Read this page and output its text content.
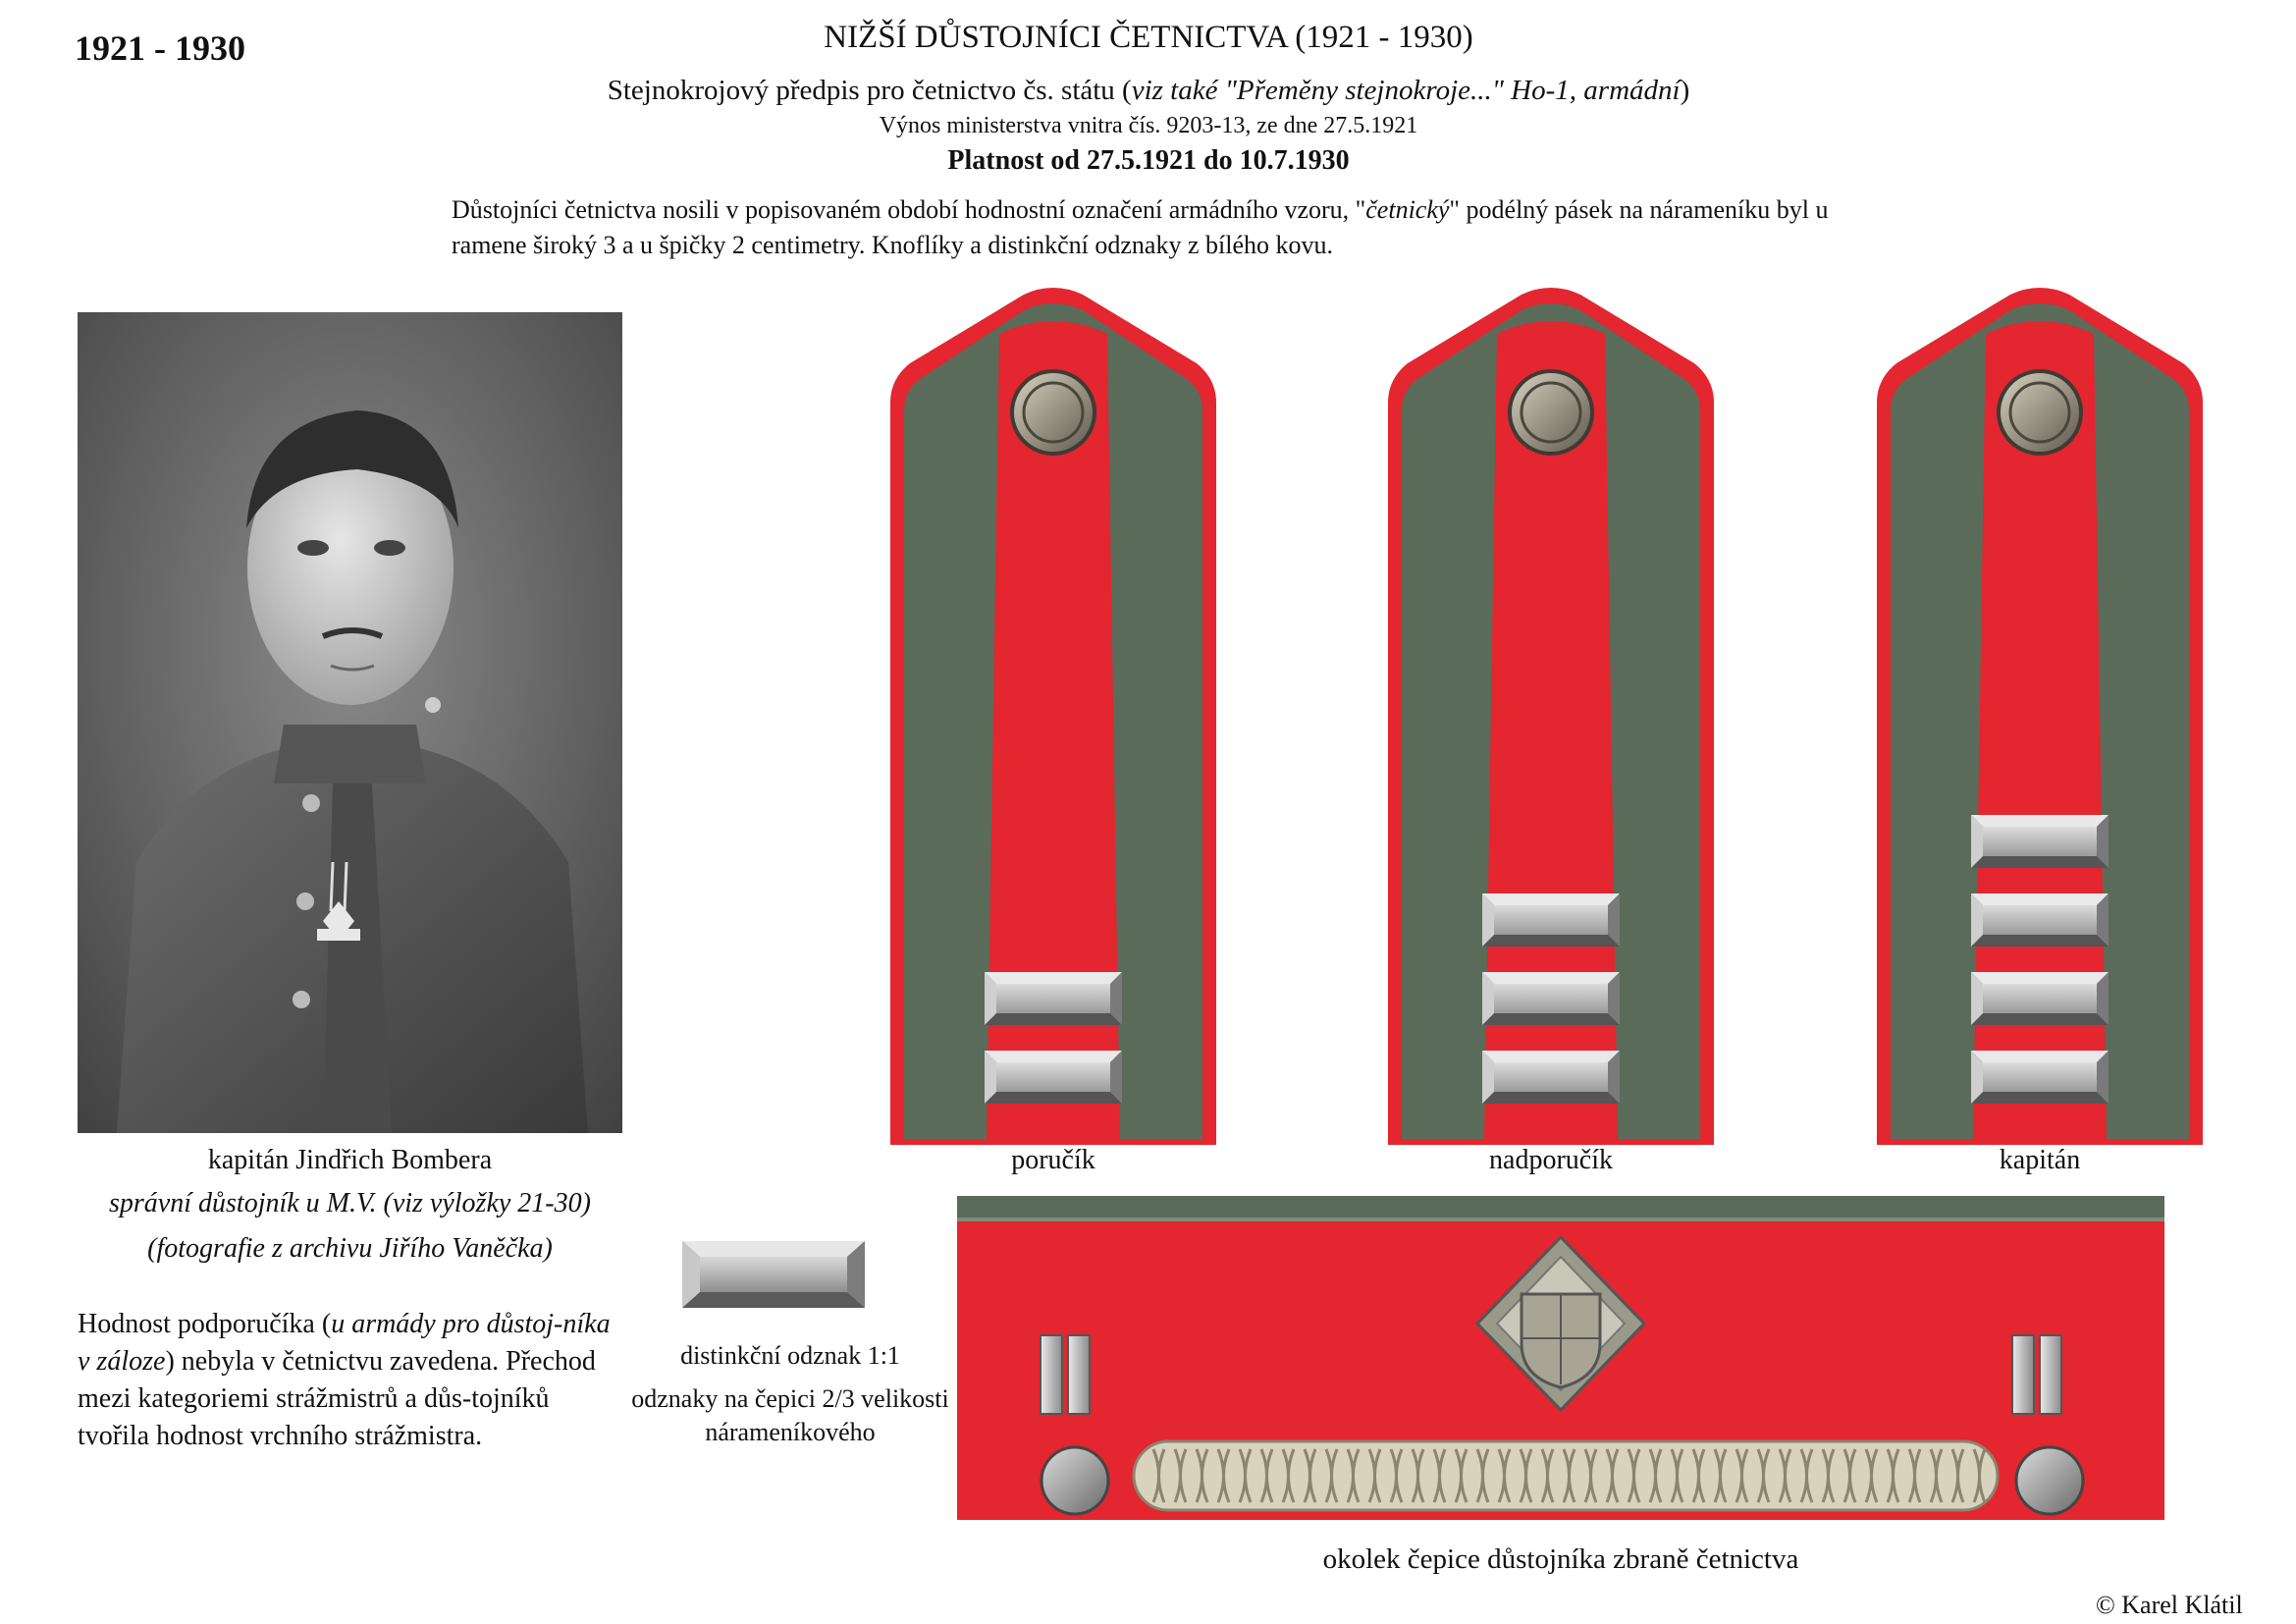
1921 - 1930	NIŽŠÍ DŮSTOJNÍCI ČETNICTVA (1921 - 1930)
Stejnokrojový předpis pro četnictvo čs. státu (viz také "Přeměny stejnokroje..." Ho-1, armádní)
Výnos ministerstva vnitra čís. 9203-13, ze dne 27.5.1921
Platnost od 27.5.1921 do 10.7.1930
Důstojníci četnictva nosili v popisovaném období hodnostní označení armádního vzoru, "četnický" podélný pásek na nárameníku byl u ramene široký 3 a u špičky 2 centimetry. Knoflíky a distinkční odznaky z bílého kovu.
kapitán Jindřich Bombera
správní důstojník u M.V. (viz výložky 21-30)
(fotografie z archivu Jiřího Vaněčka)
Hodnost podporučíka (u armády pro důstoj-níka v záloze) nebyla v četnictvu zavedena. Přechod mezi kategoriemi strážmistrů a důs-tojníků tvořila hodnost vrchního strážmistra.
poručík	nadporučík	kapitán
distinkční odznak 1:1
odznaky na čepici 2/3 velikosti nárameníkového
okolek čepice důstojníka zbraně četnictva
© Karel Klátil
